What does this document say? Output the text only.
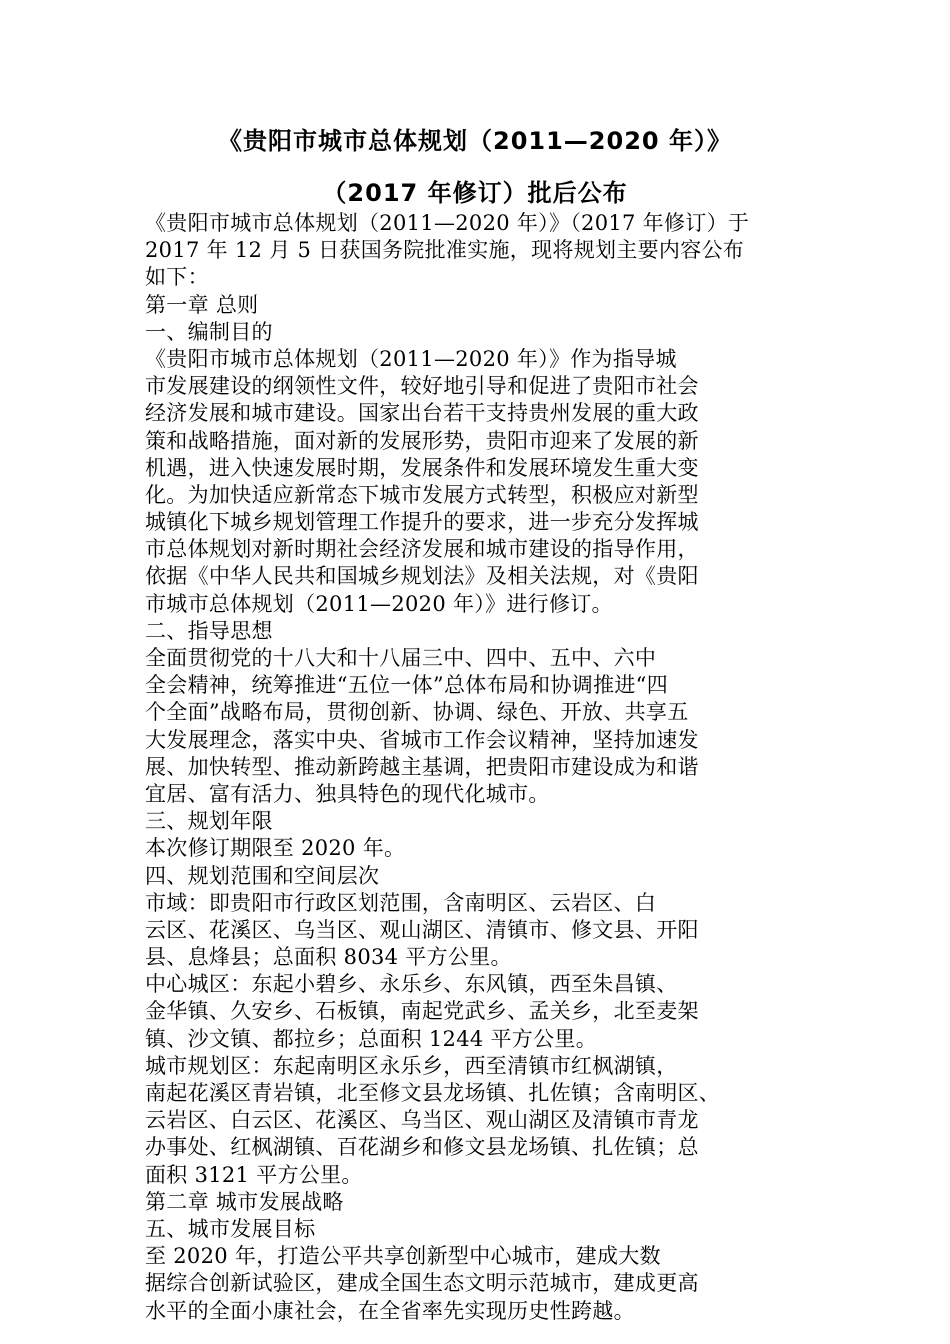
《贵阳市城市总体规划（2011—2020 年）》
（2017 年修订）批后公布
《贵阳市城市总体规划（2011—2020 年）》（2017 年修订）于
2017 年 12 月 5 日获国务院批准实施，现将规划主要内容公布
如下：
第一章 总则
一、编制目的
《贵阳市城市总体规划（2011—2020 年）》作为指导城
市发展建设的纲领性文件，较好地引导和促进了贵阳市社会
经济发展和城市建设。国家出台若干支持贵州发展的重大政
策和战略措施，面对新的发展形势，贵阳市迎来了发展的新
机遇，进入快速发展时期，发展条件和发展环境发生重大变
化。为加快适应新常态下城市发展方式转型，积极应对新型
城镇化下城乡规划管理工作提升的要求，进一步充分发挥城
市总体规划对新时期社会经济发展和城市建设的指导作用，
依据《中华人民共和国城乡规划法》及相关法规，对《贵阳
市城市总体规划（2011—2020 年）》进行修订。
二、指导思想
全面贯彻党的十八大和十八届三中、四中、五中、六中
全会精神，统筹推进“五位一体”总体布局和协调推进“四
个全面”战略布局，贯彻创新、协调、绿色、开放、共享五
大发展理念，落实中央、省城市工作会议精神，坚持加速发
展、加快转型、推动新跨越主基调，把贵阳市建设成为和谐
宜居、富有活力、独具特色的现代化城市。
三、规划年限
本次修订期限至 2020 年。
四、规划范围和空间层次
市域：即贵阳市行政区划范围，含南明区、云岩区、白
云区、花溪区、乌当区、观山湖区、清镇市、修文县、开阳
县、息烽县；总面积 8034 平方公里。
中心城区：东起小碧乡、永乐乡、东风镇，西至朱昌镇、
金华镇、久安乡、石板镇，南起党武乡、孟关乡，北至麦架
镇、沙文镇、都拉乡；总面积 1244 平方公里。
城市规划区：东起南明区永乐乡，西至清镇市红枫湖镇，
南起花溪区青岩镇，北至修文县龙场镇、扎佐镇；含南明区、
云岩区、白云区、花溪区、乌当区、观山湖区及清镇市青龙
办事处、红枫湖镇、百花湖乡和修文县龙场镇、扎佐镇；总
面积 3121 平方公里。
第二章 城市发展战略
五、城市发展目标
至 2020 年，打造公平共享创新型中心城市，建成大数
据综合创新试验区，建成全国生态文明示范城市，建成更高
水平的全面小康社会，在全省率先实现历史性跨越。
